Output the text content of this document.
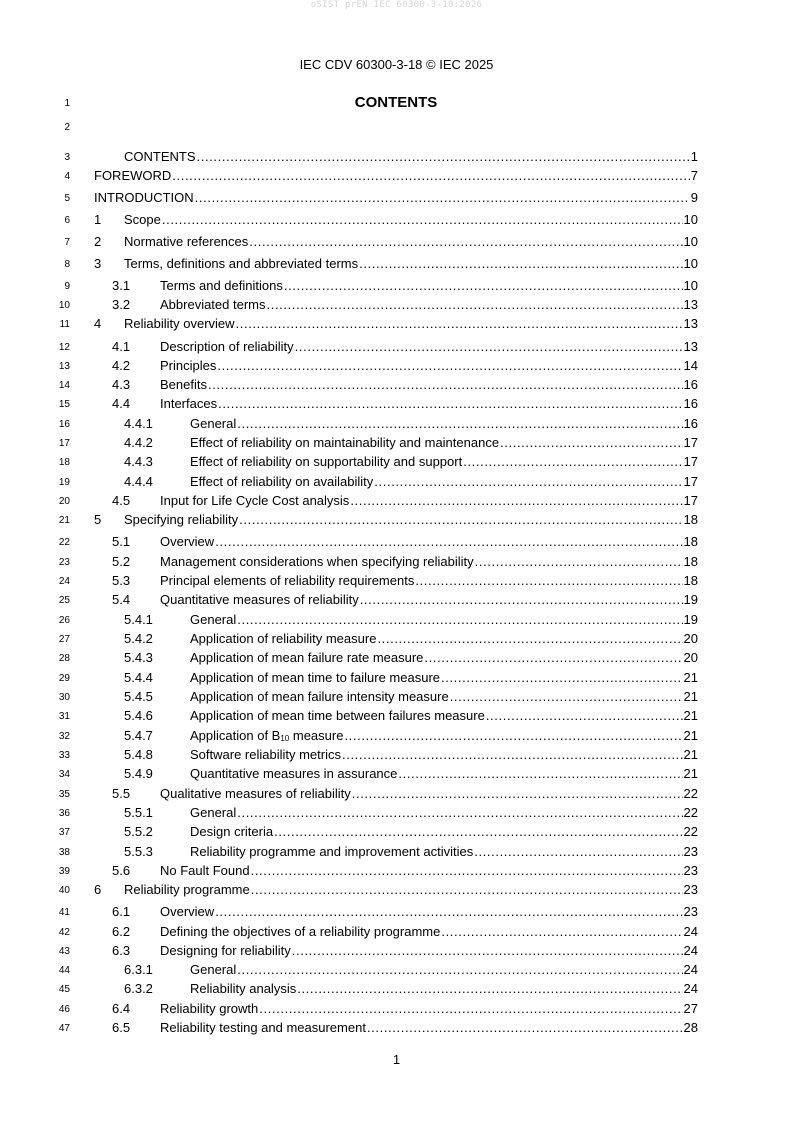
oSIST prEN IEC 60300-3-18:2026
IEC CDV 60300-3-18 © IEC 2025
1	CONTENTS
2
3	CONTENTS . . .	1
4 FOREWORD . . .	7
5 INTRODUCTION . . .	9
6 1 Scope . . .	10
7 2 Normative references . . .	10
8 3 Terms, definitions and abbreviated terms . . .	10
9	3.1 Terms and definitions . . .	10
10	3.2 Abbreviated terms . . .	13
11 4 Reliability overview . . .	13
12	4.1 Description of reliability . . .	13
13	4.2 Principles . . .	14
14	4.3 Benefits . . .	16
15	4.4 Interfaces . . .	16
16	4.4.1	General . . .	16
17	4.4.2	Effect of reliability on maintainability and maintenance . . .	17
18	4.4.3	Effect of reliability on supportability and support . . .	17
19	4.4.4	Effect of reliability on availability . . .	17
20	4.5 Input for Life Cycle Cost analysis . . .	17
21 5 Specifying reliability . . .	18
22	5.1 Overview . . .	18
23	5.2 Management considerations when specifying reliability . . .	18
24	5.3 Principal elements of reliability requirements . . .	18
25	5.4 Quantitative measures of reliability . . .	19
26	5.4.1	General . . .	19
27	5.4.2	Application of reliability measure . . .	20
28	5.4.3	Application of mean failure rate measure . . .	20
29	5.4.4	Application of mean time to failure measure . . .	21
30	5.4.5	Application of mean failure intensity measure . . .	21
31	5.4.6	Application of mean time between failures measure . . .	21
32	5.4.7	Application of B10 measure . . .	21
33	5.4.8	Software reliability metrics . . .	21
34	5.4.9	Quantitative measures in assurance . . .	21
35	5.5 Qualitative measures of reliability . . .	22
36	5.5.1	General . . .	22
37	5.5.2	Design criteria . . .	22
38	5.5.3	Reliability programme and improvement activities . . .	23
39	5.6 No Fault Found . . .	23
40 6 Reliability programme . . .	23
41	6.1 Overview . . .	23
42	6.2 Defining the objectives of a reliability programme . . .	24
43	6.3 Designing for reliability . . .	24
44	6.3.1	General . . .	24
45	6.3.2	Reliability analysis . . .	24
46	6.4 Reliability growth . . .	27
47	6.5 Reliability testing and measurement . . .	28
1
